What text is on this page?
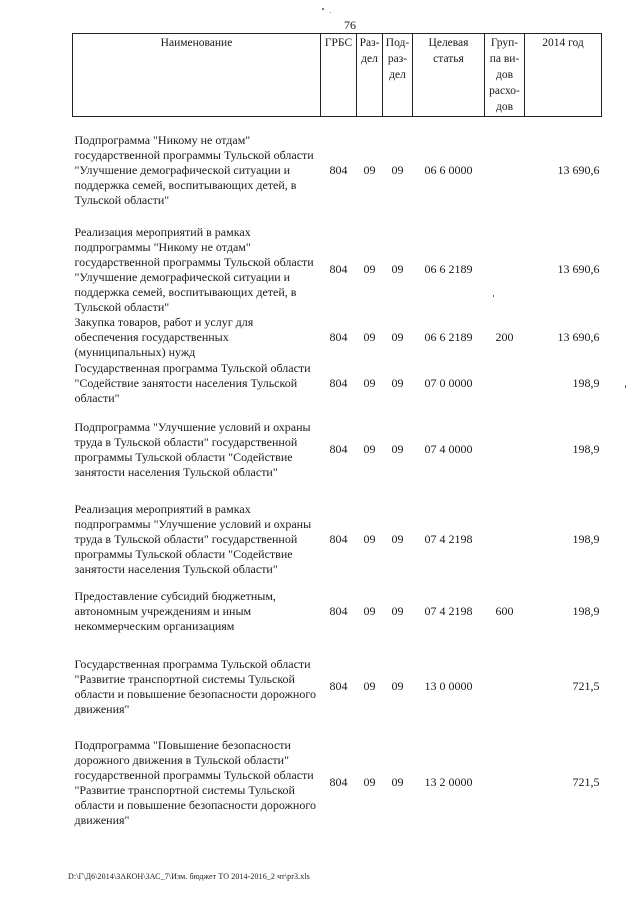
76
Наименование	ГРБС	Раз-дел	Под-раз-дел	Целевая статья	Груп-па ви-дов расхо-дов	2014 год
Подпрограмма "Никому не отдам" государственной программы Тульской области "Улучшение демографической ситуации и поддержка семей, воспитывающих детей, в Тульской области"	804	09	09	06 6 0000		13 690,6
Реализация мероприятий в рамках подпрограммы "Никому не отдам" государственной программы Тульской области "Улучшение демографической ситуации и поддержка семей, воспитывающих детей, в Тульской области"	804	09	09	06 6 2189		13 690,6
Закупка товаров, работ и услуг для обеспечения государственных (муниципальных) нужд	804	09	09	06 6 2189	200	13 690,6
Государственная программа Тульской области "Содействие занятости населения Тульской области"	804	09	09	07 0 0000		198,9
Подпрограмма "Улучшение условий и охраны труда в Тульской области" государственной программы Тульской области "Содействие занятости населения Тульской области"	804	09	09	07 4 0000		198,9
Реализация мероприятий в рамках подпрограммы "Улучшение условий и охраны труда в Тульской области" государственной программы Тульской области "Содействие занятости населения Тульской области"	804	09	09	07 4 2198		198,9
Предоставление субсидий бюджетным, автономным учреждениям и иным некоммерческим организациям	804	09	09	07 4 2198	600	198,9
Государственная программа Тульской области "Развитие транспортной системы Тульской области и повышение безопасности дорожного движения"	804	09	09	13 0 0000		721,5
Подпрограмма "Повышение безопасности дорожного движения в Тульской области" государственной программы Тульской области "Развитие транспортной системы Тульской области и повышение безопасности дорожного движения"	804	09	09	13 2 0000		721,5
D:\Г\Д6\2014\ЗАКОН\ЗАС_7\Изм. бюджет ТО 2014-2016_2 чт\pr3.xls
